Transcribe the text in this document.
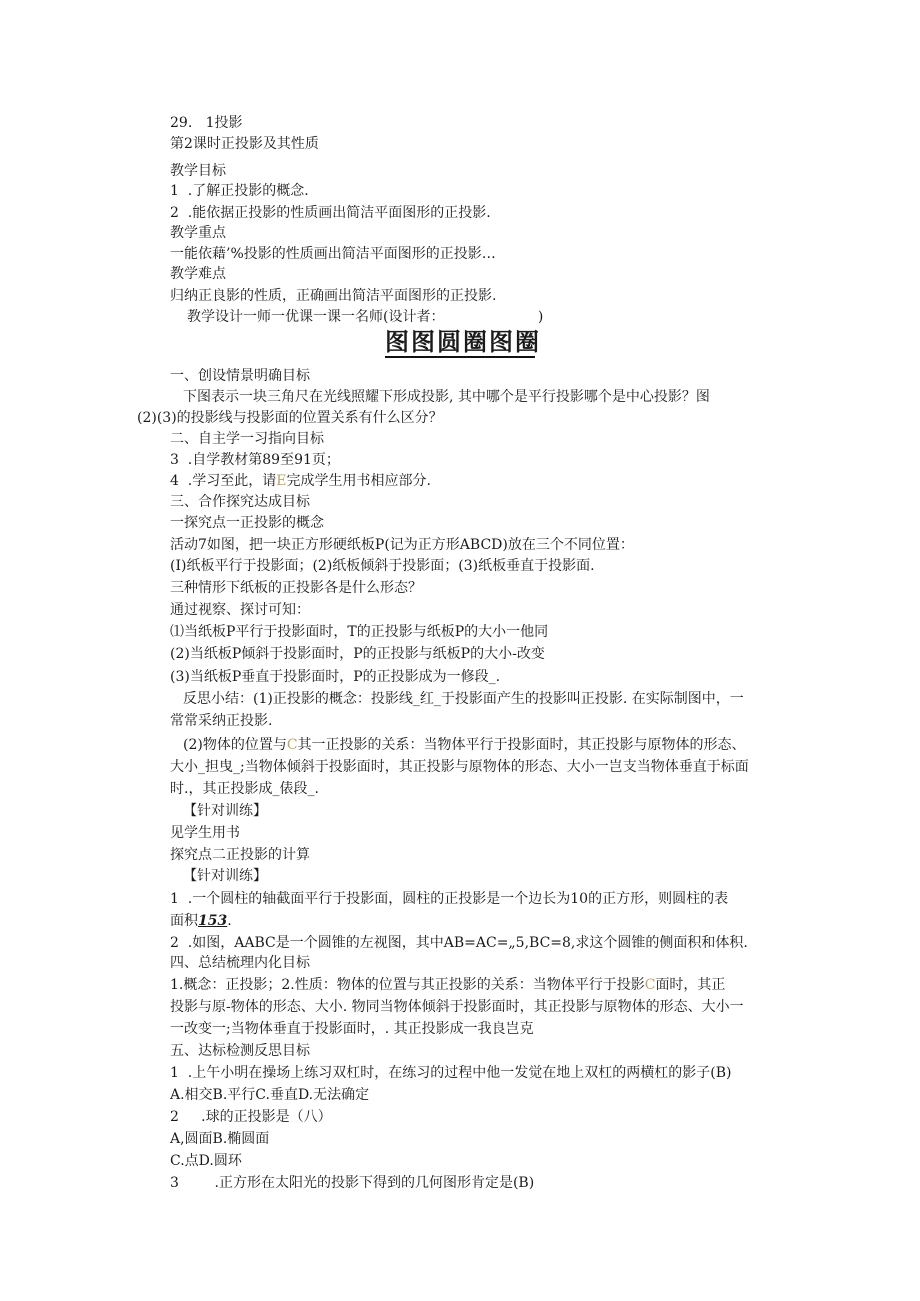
29.   1投影
第2课时正投影及其性质
教学目标
1  .了解正投影的概念.
2  .能依据正投影的性质画出简洁平面图形的正投影.
教学重点
一能依藉’%投影的性质画出简洁平面图形的正投影…
教学难点
归纳正良影的性质，正确画出简洁平面图形的正投影.
教学设计一师一优课一课一名师(设计者：                     )
图图圆圈图圈
一、创设情景明确目标
下图表示一块三角尺在光线照耀下形成投影, 其中哪个是平行投影哪个是中心投影？图
(2)(3)的投影线与投影面的位置关系有什么区分？
二、自主学一习指向目标
3  .自学教材第89至91页；
4  .学习至此，请E完成学生用书相应部分.
三、合作探究达成目标
一探究点一正投影的概念
活动7如图，把一块正方形硬纸板P(记为正方形ABCD)放在三个不同位置：
(I)纸板平行于投影面；(2)纸板倾斜于投影面；(3)纸板垂直于投影面.
三种情形下纸板的正投影各是什么形态？
通过视察、探讨可知：
⑴当纸板P平行于投影面时，T的正投影与纸板P的大小一他同
(2)当纸板P倾斜于投影面时，P的正投影与纸板P的大小-改变
(3)当纸板P垂直于投影面时，P的正投影成为一修段_.
反思小结：(1)正投影的概念：投影线_红_于投影面产生的投影叫正投影. 在实际制图中，一
常常采纳正投影.
(2)物体的位置与C其一正投影的关系：当物体平行于投影面时，其正投影与原物体的形态、
大小_担曳_;当物体倾斜于投影面时，其正投影与原物体的形态、大小一岂支当物体垂直于标面
时.，其正投影成_俵段_.
【针对训练】
见学生用书
探究点二正投影的计算
【针对训练】
1  .一个圆柱的轴截面平行于投影面，圆柱的正投影是一个边长为10的正方形，则圆柱的表
面积153.
2  .如图，AABC是一个圆锥的左视图，其中AB=AC=„5,BC=8,求这个圆锥的侧面积和体积.
四、总结梳理内化目标
1.概念：正投影；2.性质：物体的位置与其正投影的关系：当物体平行于投影C面时，其正
投影与原-物体的形态、大小. 物同当物体倾斜于投影面时，其正投影与原物体的形态、大小一
一改变一;当物体垂直于投影面时，. 其正投影成一我良岂克
五、达标检测反思目标
1  .上午小明在操场上练习双杠时，在练习的过程中他一发觉在地上双杠的两横杠的影子(B)
A.相交B.平行C.垂直D.无法确定
2     .球的正投影是（八）
A,圆面B.椭圆面
C.点D.圆环
3        .正方形在太阳光的投影下得到的几何图形肯定是(B)
